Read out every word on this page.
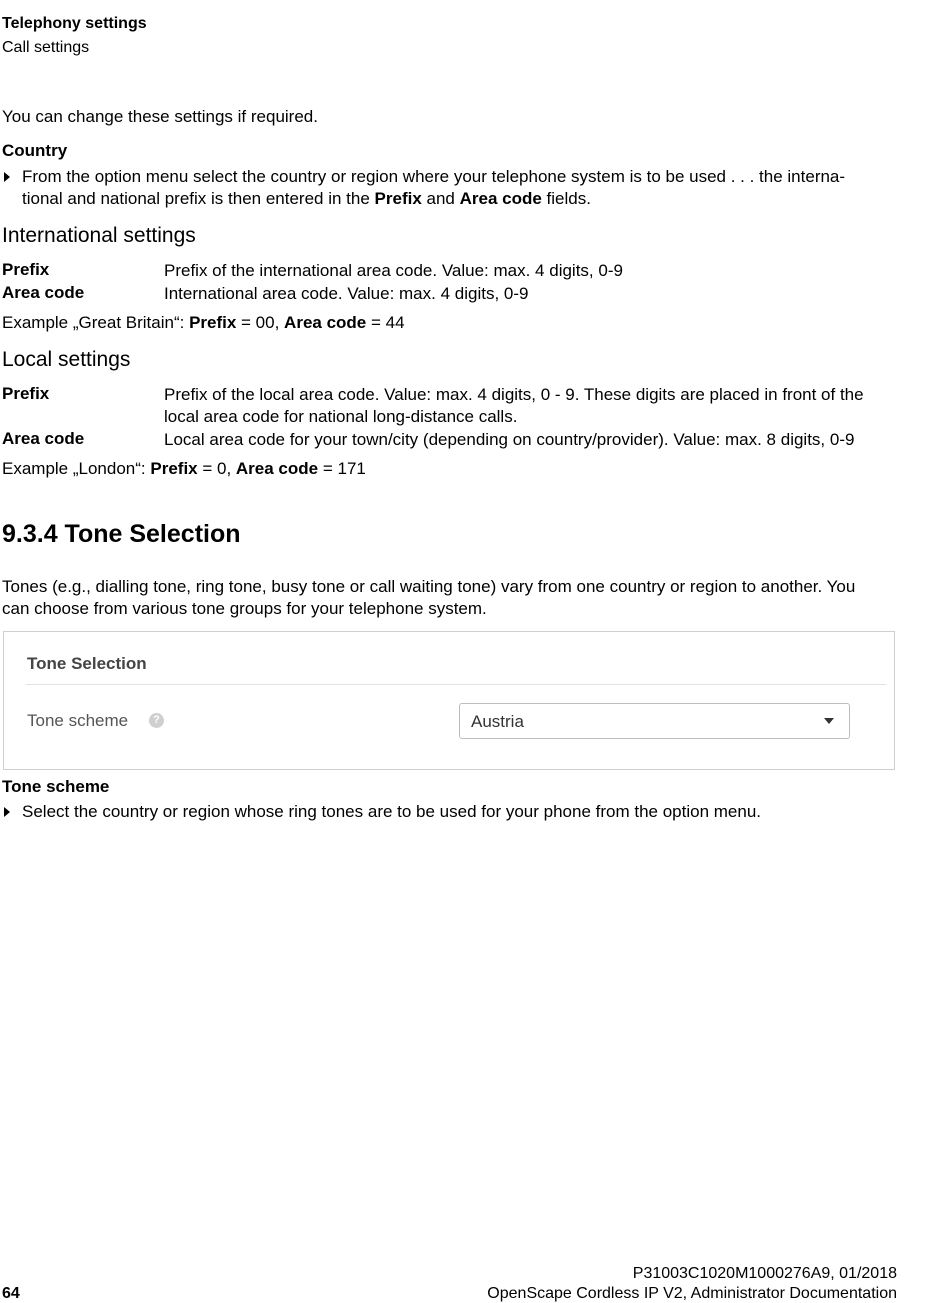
Telephony settings
Call settings
You can change these settings if required.
Country
From the option menu select the country or region where your telephone system is to be used . . . the interna-
tional and national prefix is then entered in the Prefix and Area code fields.
International settings
Prefix	Prefix of the international area code. Value: max. 4 digits, 0-9
Area code	International area code. Value: max. 4 digits, 0-9
Example „Great Britain“: Prefix = 00, Area code = 44
Local settings
Prefix	Prefix of the local area code. Value: max. 4 digits, 0 - 9. These digits are placed in front of the
local area code for national long-distance calls.
Area code	Local area code for your town/city (depending on country/provider). Value: max. 8 digits, 0-9
Example „London“: Prefix = 0, Area code = 171
9.3.4 Tone Selection
Tones (e.g., dialling tone, ring tone, busy tone or call waiting tone) vary from one country or region to another. You
can choose from various tone groups for your telephone system.
Tone Selection
Tone scheme	?	Austria
Tone scheme
Select the country or region whose ring tones are to be used for your phone from the option menu.
P31003C1020M1000276A9, 01/2018
OpenScape Cordless IP V2, Administrator Documentation
64
